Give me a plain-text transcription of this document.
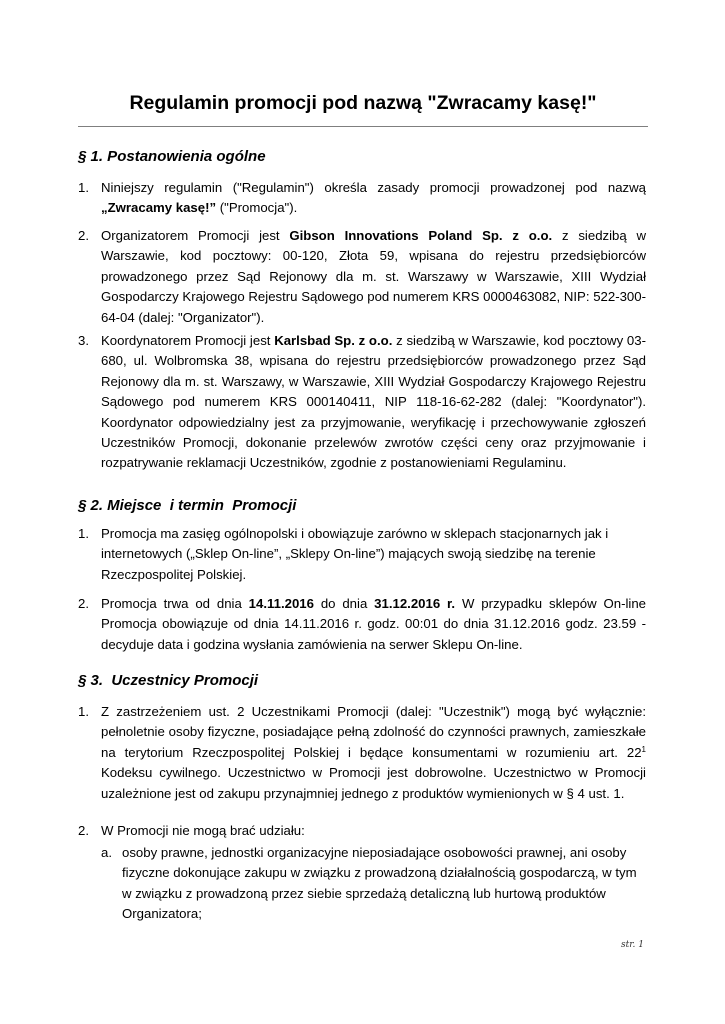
Regulamin promocji pod nazwą "Zwracamy kasę!"
§ 1. Postanowienia ogólne
1. Niniejszy regulamin ("Regulamin") określa zasady promocji prowadzonej pod nazwą „Zwracamy kasę!” ("Promocja").
2. Organizatorem Promocji jest Gibson Innovations Poland Sp. z o.o. z siedzibą w Warszawie, kod pocztowy: 00-120, Złota 59, wpisana do rejestru przedsiębiorców prowadzonego przez Sąd Rejonowy dla m. st. Warszawy w Warszawie, XIII Wydział Gospodarczy Krajowego Rejestru Sądowego pod numerem KRS 0000463082, NIP: 522-300-64-04 (dalej: "Organizator").
3. Koordynatorem Promocji jest Karlsbad Sp. z o.o. z siedzibą w Warszawie, kod pocztowy 03-680, ul. Wolbromska 38, wpisana do rejestru przedsiębiorców prowadzonego przez Sąd Rejonowy dla m. st. Warszawy, w Warszawie, XIII Wydział Gospodarczy Krajowego Rejestru Sądowego pod numerem KRS 000140411, NIP 118-16-62-282 (dalej: "Koordynator"). Koordynator odpowiedzialny jest za przyjmowanie, weryfikację i przechowywanie zgłoszeń Uczestników Promocji, dokonanie przelewów zwrotów części ceny oraz przyjmowanie i rozpatrywanie reklamacji Uczestników, zgodnie z postanowieniami Regulaminu.
§ 2. Miejsce  i termin  Promocji
1. Promocja ma zasięg ogólnopolski i obowiązuje zarówno w sklepach stacjonarnych jak i internetowych („Sklep On-line”, „Sklepy On-line”) mających swoją siedzibę na terenie Rzeczpospolitej Polskiej.
2. Promocja trwa od dnia 14.11.2016 do dnia 31.12.2016 r. W przypadku sklepów On-line Promocja obowiązuje od dnia 14.11.2016 r. godz. 00:01 do dnia 31.12.2016 godz. 23.59 - decyduje data i godzina wysłania zamówienia na serwer Sklepu On-line.
§ 3.  Uczestnicy Promocji
1. Z zastrzeżeniem ust. 2 Uczestnikami Promocji (dalej: "Uczestnik") mogą być wyłącznie: pełnoletnie osoby fizyczne, posiadające pełną zdolność do czynności prawnych, zamieszkałe na terytorium Rzeczpospolitej Polskiej i będące konsumentami w rozumieniu art. $22^1$ Kodeksu cywilnego. Uczestnictwo w Promocji jest dobrowolne. Uczestnictwo w Promocji uzależnione jest od zakupu przynajmniej jednego z produktów wymienionych w § 4 ust. 1.
2. W Promocji nie mogą brać udziału:
a. osoby prawne, jednostki organizacyjne nieposiadające osobowości prawnej, ani osoby fizyczne dokonujące zakupu w związku z prowadzoną działalnością gospodarczą, w tym w związku z prowadzoną przez siebie sprzedażą detaliczną lub hurtową produktów Organizatora;
str. 1
